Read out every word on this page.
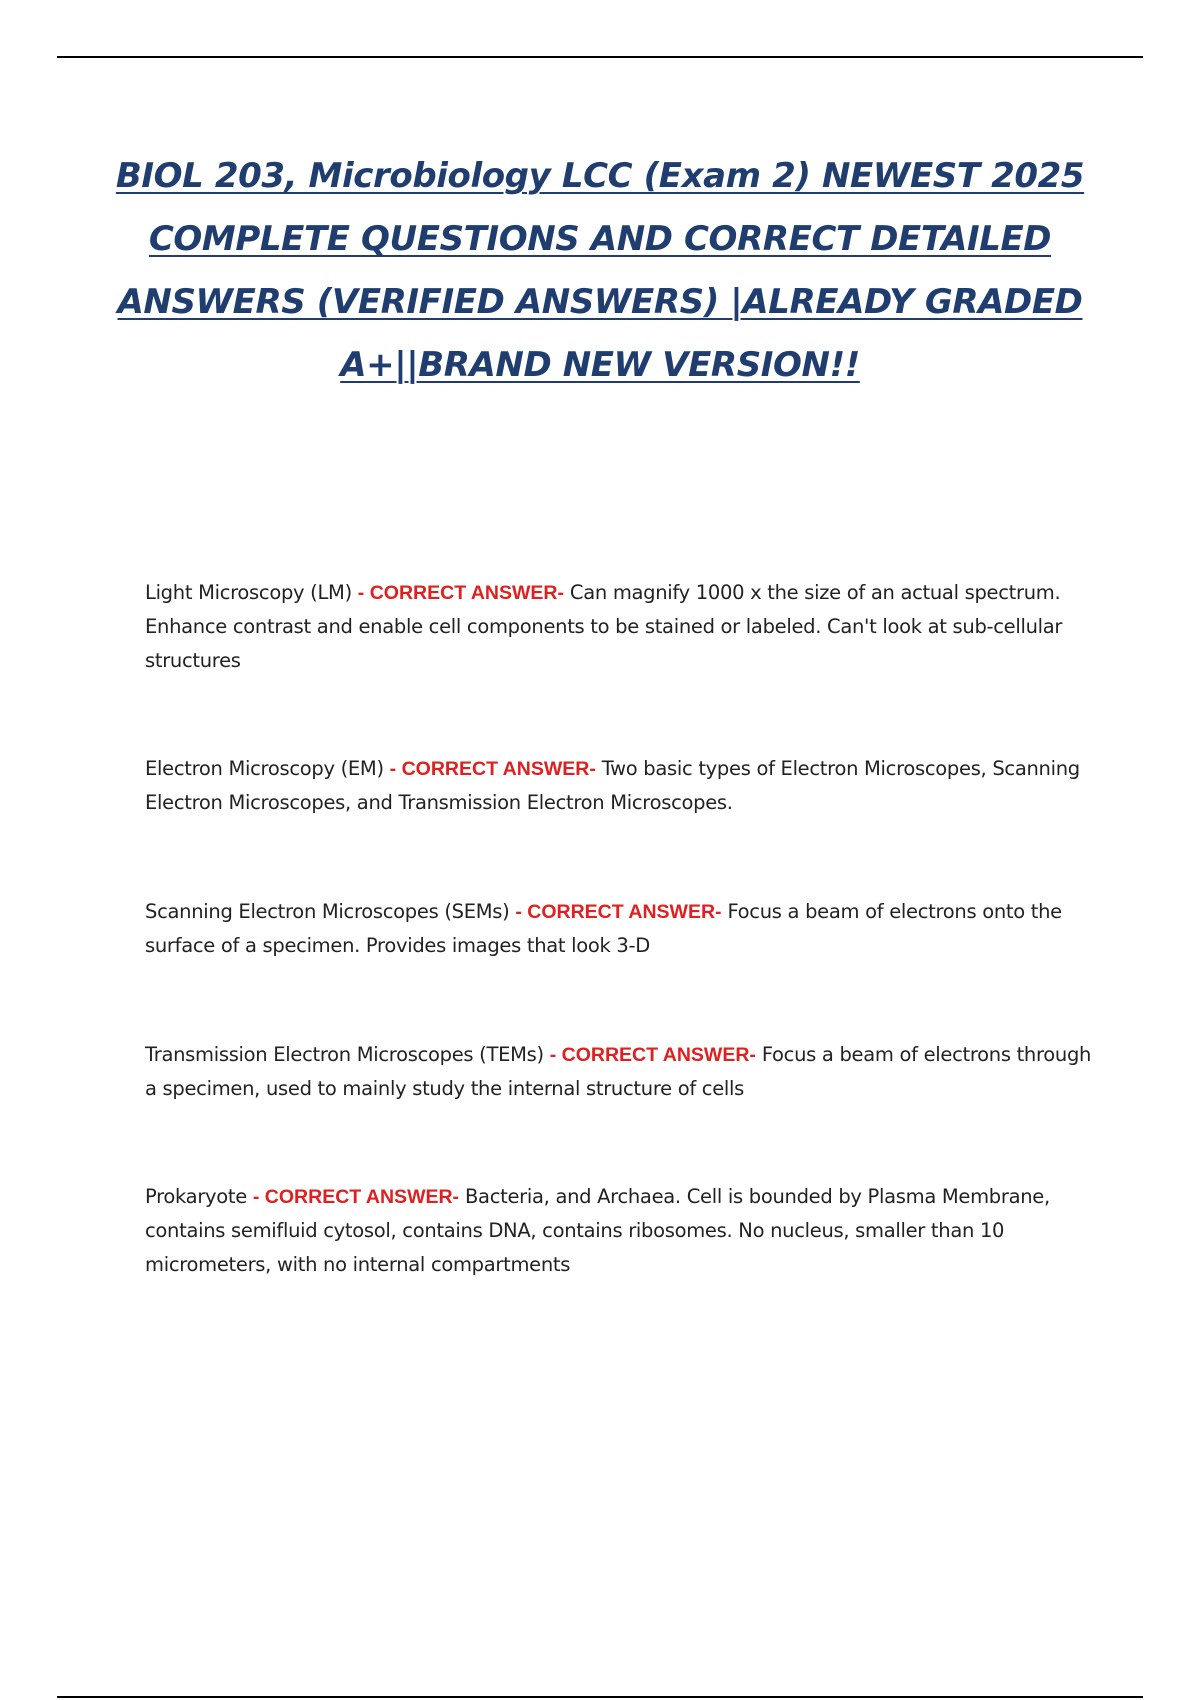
BIOL 203, Microbiology LCC (Exam 2) NEWEST 2025 COMPLETE QUESTIONS AND CORRECT DETAILED ANSWERS (VERIFIED ANSWERS) |ALREADY GRADED A+||BRAND NEW VERSION!!

Light Microscopy (LM) - CORRECT ANSWER- Can magnify 1000 x the size of an actual spectrum. Enhance contrast and enable cell components to be stained or labeled. Can't look at sub-cellular structures

Electron Microscopy (EM) - CORRECT ANSWER- Two basic types of Electron Microscopes, Scanning Electron Microscopes, and Transmission Electron Microscopes.

Scanning Electron Microscopes (SEMs) - CORRECT ANSWER- Focus a beam of electrons onto the surface of a specimen. Provides images that look 3-D

Transmission Electron Microscopes (TEMs) - CORRECT ANSWER- Focus a beam of electrons through a specimen, used to mainly study the internal structure of cells

Prokaryote - CORRECT ANSWER- Bacteria, and Archaea. Cell is bounded by Plasma Membrane, contains semifluid cytosol, contains DNA, contains ribosomes. No nucleus, smaller than 10 micrometers, with no internal compartments
